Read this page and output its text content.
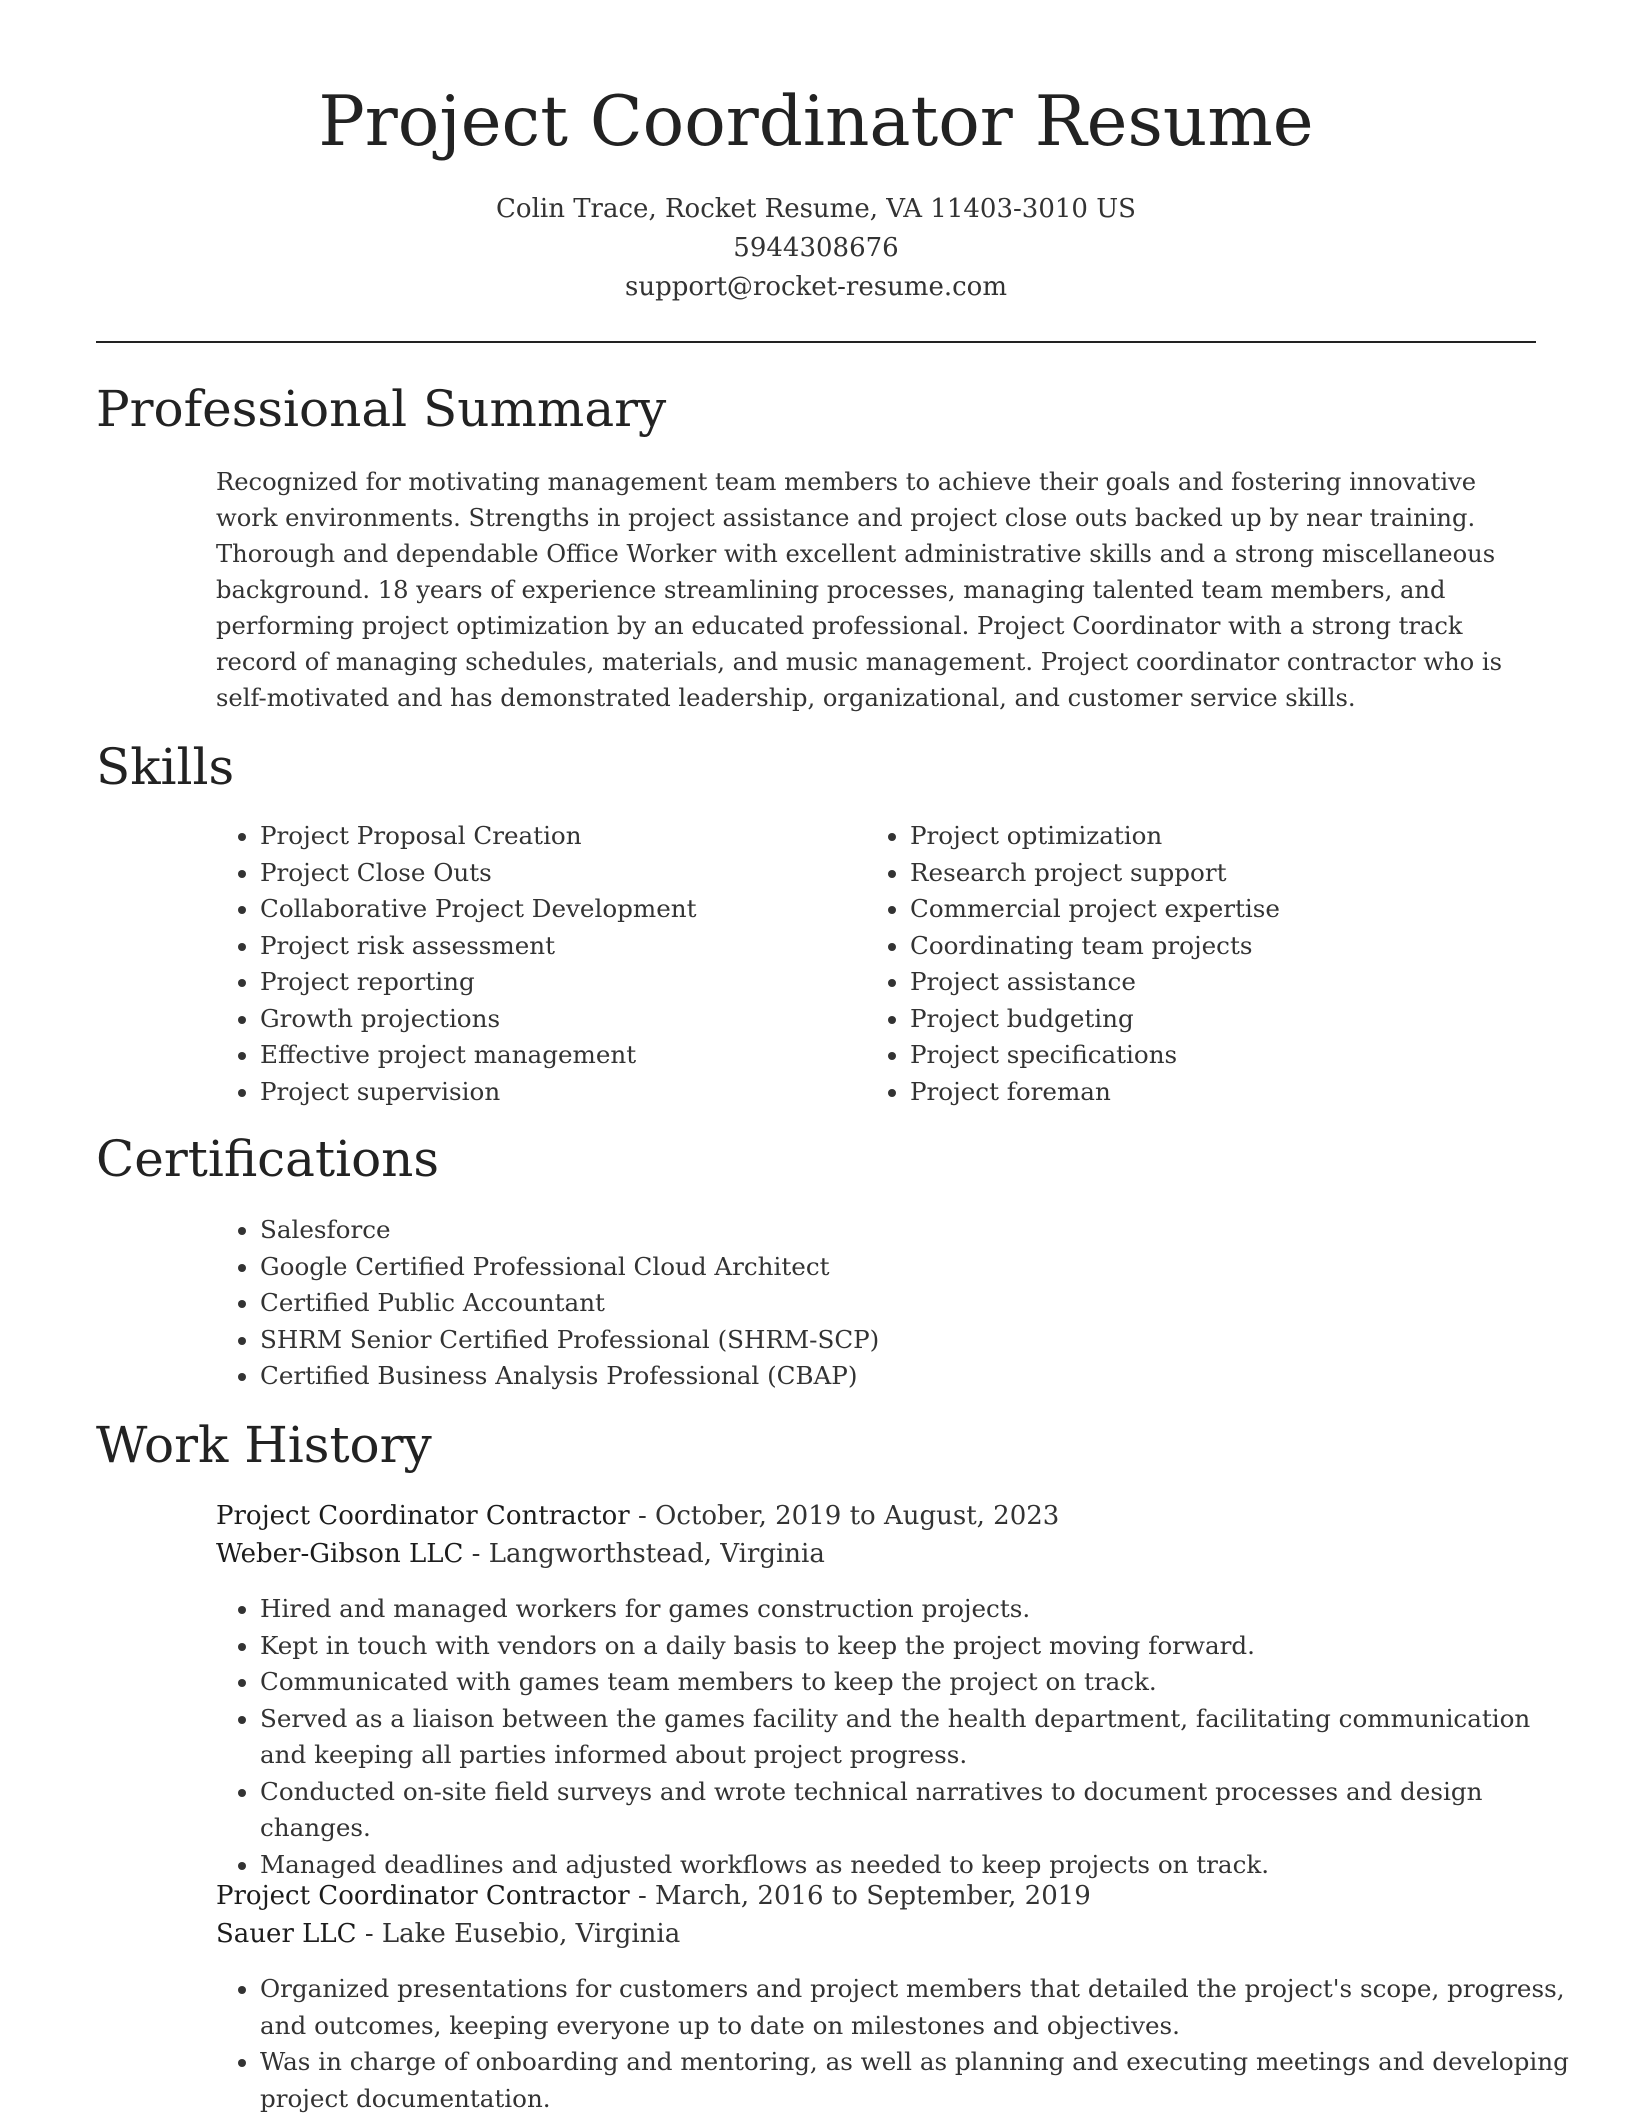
Project Coordinator Resume
Colin Trace, Rocket Resume, VA 11403-3010 US
5944308676
support@rocket-resume.com
Professional Summary

Recognized for motivating management team members to achieve their goals and fostering innovative work environments. Strengths in project assistance and project close outs backed up by near training. Thorough and dependable Office Worker with excellent administrative skills and a strong miscellaneous background. 18 years of experience streamlining processes, managing talented team members, and performing project optimization by an educated professional. Project Coordinator with a strong track record of managing schedules, materials, and music management. Project coordinator contractor who is self-motivated and has demonstrated leadership, organizational, and customer service skills.

Skills
• Project Proposal Creation
• Project Close Outs
• Collaborative Project Development
• Project risk assessment
• Project reporting
• Growth projections
• Effective project management
• Project supervision
• Project optimization
• Research project support
• Commercial project expertise
• Coordinating team projects
• Project assistance
• Project budgeting
• Project specifications
• Project foreman
Certifications
• Salesforce
• Google Certified Professional Cloud Architect
• Certified Public Accountant
• SHRM Senior Certified Professional (SHRM-SCP)
• Certified Business Analysis Professional (CBAP)
Work History
Project Coordinator Contractor - October, 2019 to August, 2023
Weber-Gibson LLC - Langworthstead, Virginia
• Hired and managed workers for games construction projects.
• Kept in touch with vendors on a daily basis to keep the project moving forward.
• Communicated with games team members to keep the project on track.
• Served as a liaison between the games facility and the health department, facilitating communication and keeping all parties informed about project progress.
• Conducted on-site field surveys and wrote technical narratives to document processes and design changes.
• Managed deadlines and adjusted workflows as needed to keep projects on track.
Project Coordinator Contractor - March, 2016 to September, 2019
Sauer LLC - Lake Eusebio, Virginia
• Organized presentations for customers and project members that detailed the project's scope, progress, and outcomes, keeping everyone up to date on milestones and objectives.
• Was in charge of onboarding and mentoring, as well as planning and executing meetings and developing project documentation.
